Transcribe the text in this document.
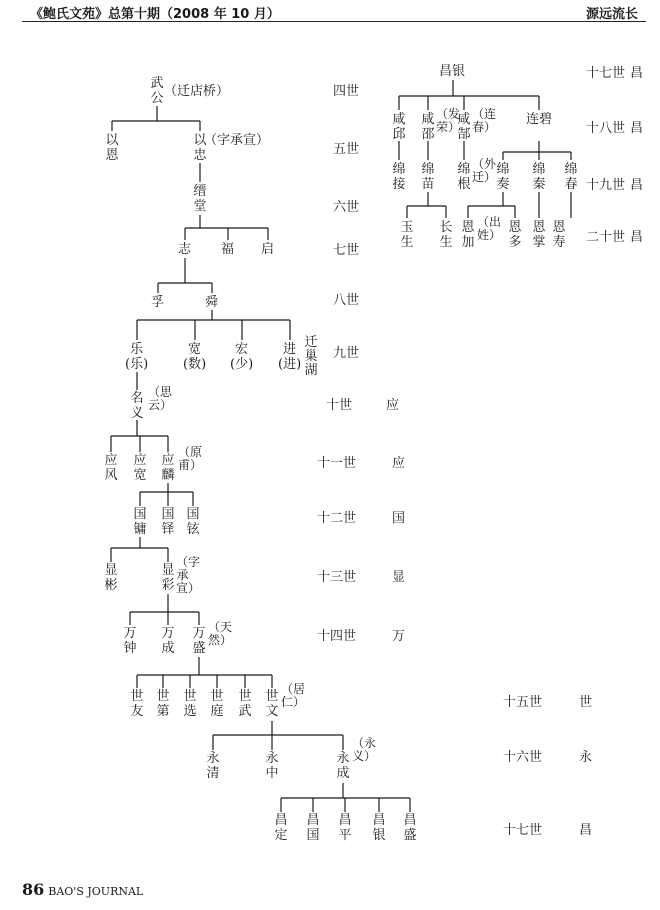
《鲍氏文苑》总第十期（2008 年 10 月）	源远流长
武公 （迁店桥）
以恩
以忠
（字承宣）
缙堂
志 福 启
孚	舜
乐
(乐)
宽
(数)
宏
(少)
进
(进)
迁巢湖
名义
（思云）
应风
应宽
应麟
（原甫）
国镛
国铎
国铉
显彬
显彩
（字承宣）
万钟
万成
万盛
（天然）
世友
世第
世选
世庭
世武
世文
（居仁）
永清
永中
永成
（永义）
昌定
昌国
昌平
昌银
昌盛
昌银
咸邱
咸邵
（发荣）
咸郜
（连春） 连碧
绵接
绵苗
绵根
（外迁） 绵奏
绵秦
绵春
玉生
长生
恩加
（出姓） 恩多
恩掌
恩寿
四世
五世
六世
七世
八世
九世
十世	应
十一世	应
十二世	国
十三世	显
十四世	万
十五世	世
十六世	永
十七世	昌
十七世 昌
十八世 昌
十九世 昌
二十世 昌
86 BAO'S JOURNAL
